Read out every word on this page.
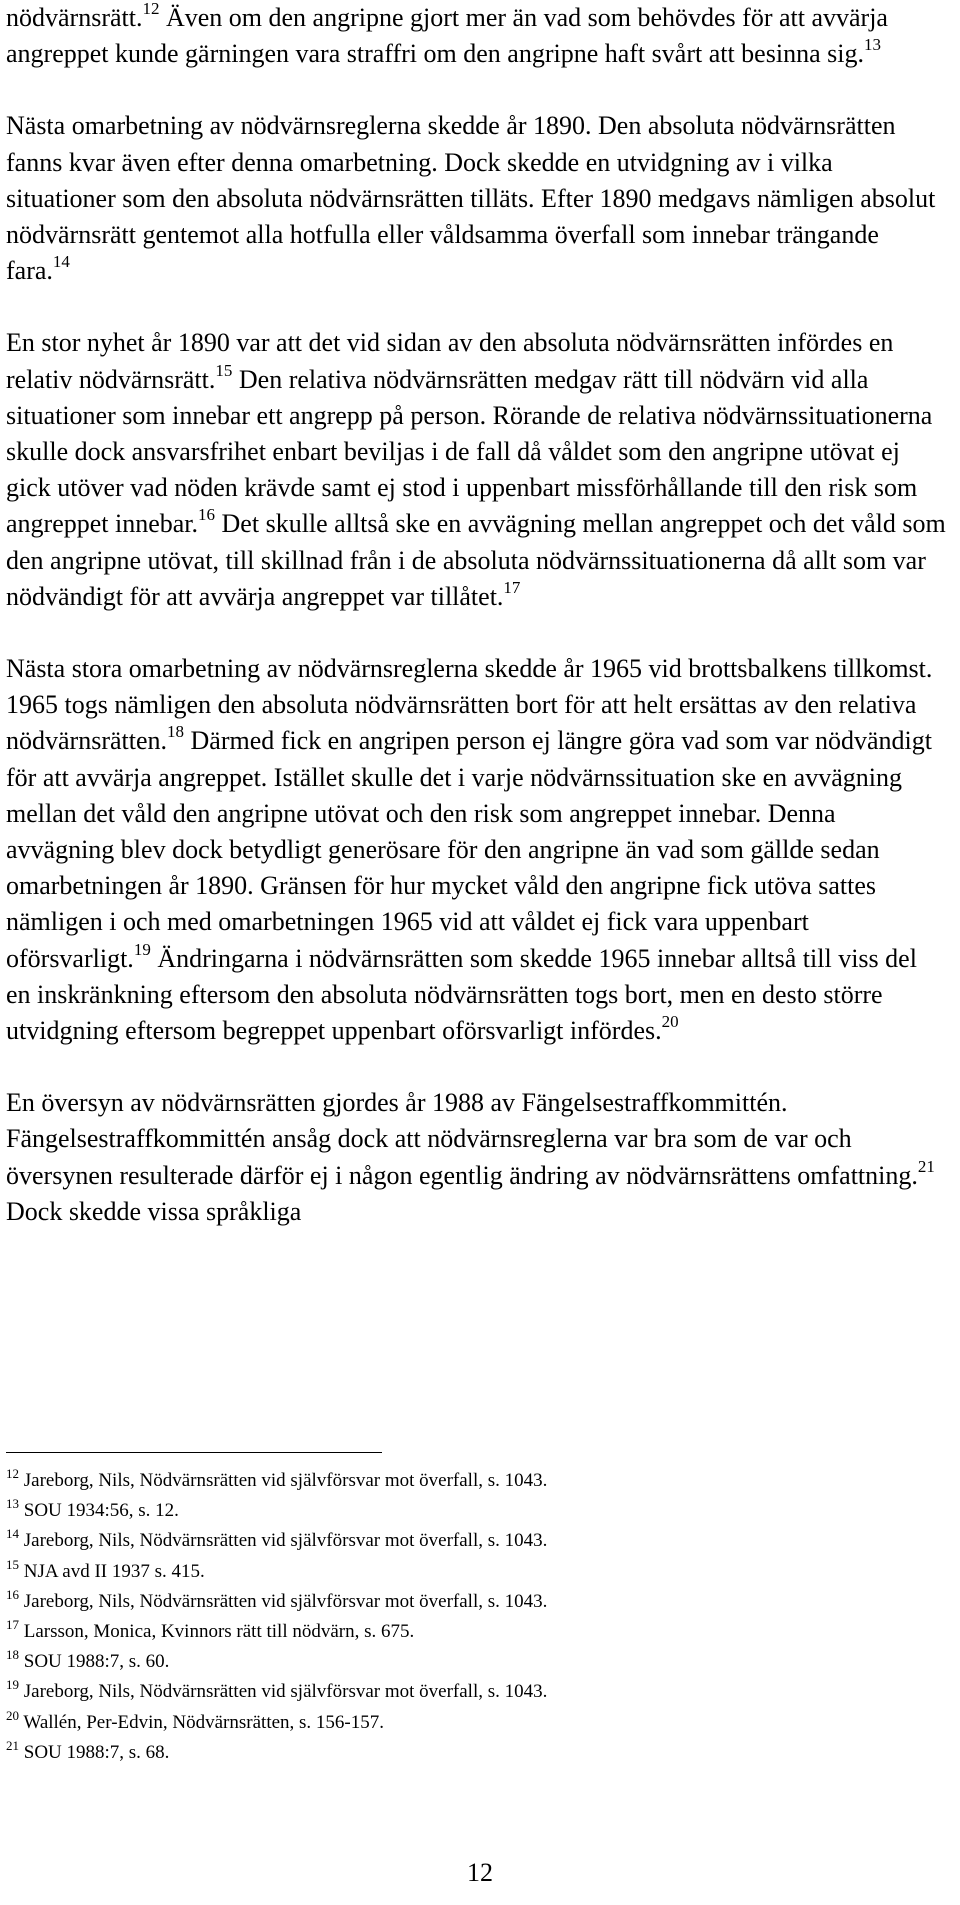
nödvärnsrätt.$^{12}$ Även om den angripne gjort mer än vad som behövdes för att avvärja angreppet kunde gärningen vara straffri om den angripne haft svårt att besinna sig.$^{13}$

Nästa omarbetning av nödvärnsreglerna skedde år 1890. Den absoluta nödvärnsrätten fanns kvar även efter denna omarbetning. Dock skedde en utvidgning av i vilka situationer som den absoluta nödvärnsrätten tilläts. Efter 1890 medgavs nämligen absolut nödvärnsrätt gentemot alla hotfulla eller våldsamma överfall som innebar trängande fara.$^{14}$

En stor nyhet år 1890 var att det vid sidan av den absoluta nödvärnsrätten infördes en relativ nödvärnsrätt.$^{15}$ Den relativa nödvärnsrätten medgav rätt till nödvärn vid alla situationer som innebar ett angrepp på person. Rörande de relativa nödvärnssituationerna skulle dock ansvarsfrihet enbart beviljas i de fall då våldet som den angripne utövat ej gick utöver vad nöden krävde samt ej stod i uppenbart missförhållande till den risk som angreppet innebar.$^{16}$ Det skulle alltså ske en avvägning mellan angreppet och det våld som den angripne utövat, till skillnad från i de absoluta nödvärnssituationerna då allt som var nödvändigt för att avvärja angreppet var tillåtet.$^{17}$

Nästa stora omarbetning av nödvärnsreglerna skedde år 1965 vid brottsbalkens tillkomst. 1965 togs nämligen den absoluta nödvärnsrätten bort för att helt ersättas av den relativa nödvärnsrätten.$^{18}$ Därmed fick en angripen person ej längre göra vad som var nödvändigt för att avvärja angreppet. Istället skulle det i varje nödvärnssituation ske en avvägning mellan det våld den angripne utövat och den risk som angreppet innebar. Denna avvägning blev dock betydligt generösare för den angripne än vad som gällde sedan omarbetningen år 1890. Gränsen för hur mycket våld den angripne fick utöva sattes nämligen i och med omarbetningen 1965 vid att våldet ej fick vara uppenbart oförsvarligt.$^{19}$ Ändringarna i nödvärnsrätten som skedde 1965 innebar alltså till viss del en inskränkning eftersom den absoluta nödvärnsrätten togs bort, men en desto större utvidgning eftersom begreppet uppenbart oförsvarligt infördes.$^{20}$

En översyn av nödvärnsrätten gjordes år 1988 av Fängelsestraffkommittén. Fängelsestraffkommittén ansåg dock att nödvärnsreglerna var bra som de var och översynen resulterade därför ej i någon egentlig ändring av nödvärnsrättens omfattning.$^{21}$ Dock skedde vissa språkliga

$^{12}$ Jareborg, Nils, Nödvärnsrätten vid självförsvar mot överfall, s. 1043.

$^{13}$ SOU 1934:56, s. 12.

$^{14}$ Jareborg, Nils, Nödvärnsrätten vid självförsvar mot överfall, s. 1043.

$^{15}$ NJA avd II 1937 s. 415.

$^{16}$ Jareborg, Nils, Nödvärnsrätten vid självförsvar mot överfall, s. 1043.

$^{17}$ Larsson, Monica, Kvinnors rätt till nödvärn, s. 675.

$^{18}$ SOU 1988:7, s. 60.

$^{19}$ Jareborg, Nils, Nödvärnsrätten vid självförsvar mot överfall, s. 1043.

$^{20}$ Wallén, Per-Edvin, Nödvärnsrätten, s. 156-157.

$^{21}$ SOU 1988:7, s. 68.

12
